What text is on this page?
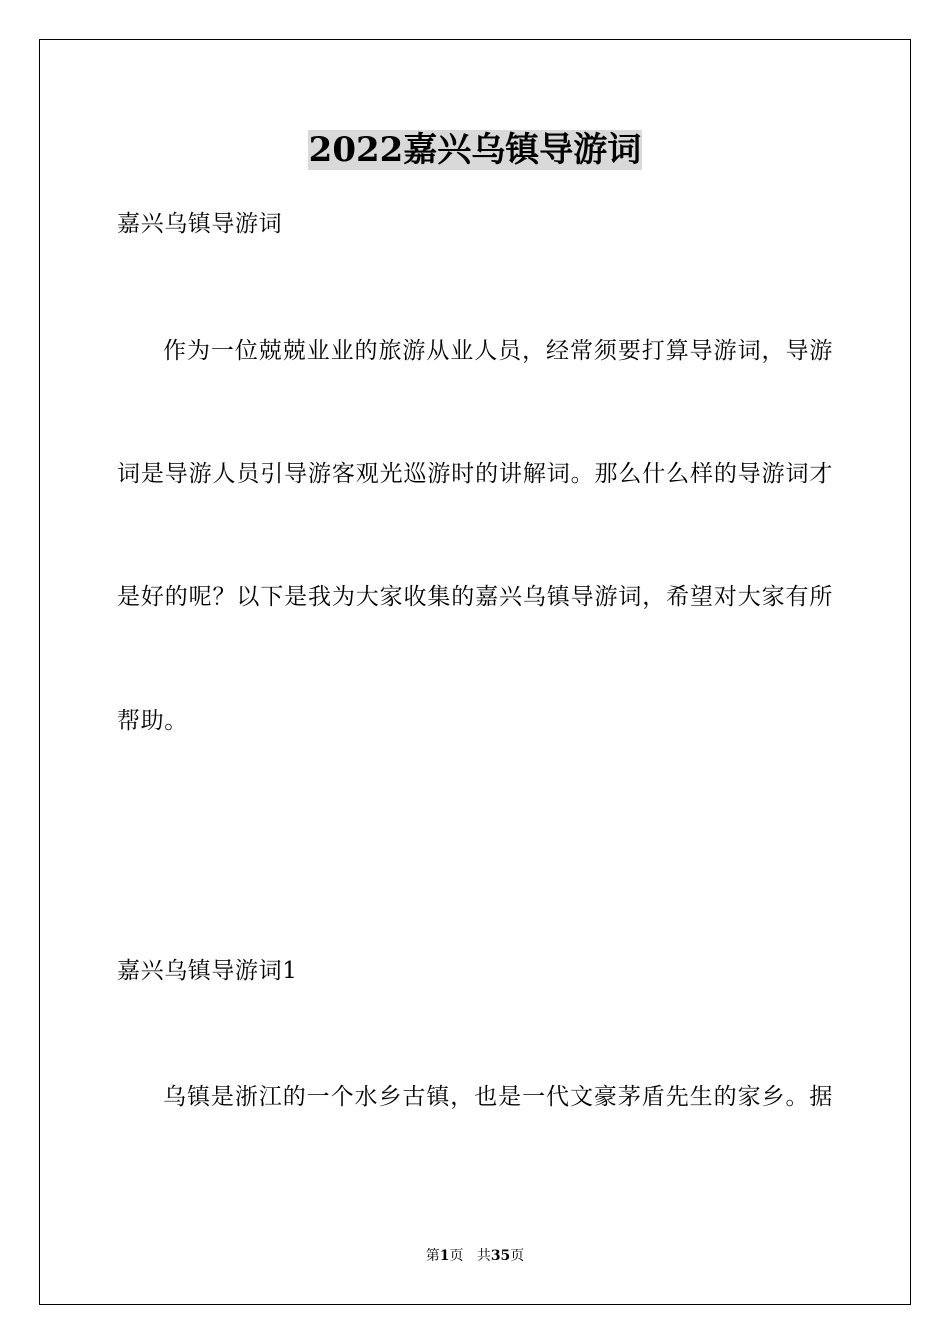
2022嘉兴乌镇导游词
嘉兴乌镇导游词
作为一位兢兢业业的旅游从业人员，经常须要打算导游词，导游
词是导游人员引导游客观光巡游时的讲解词。那么什么样的导游词才
是好的呢？以下是我为大家收集的嘉兴乌镇导游词，希望对大家有所
帮助。
嘉兴乌镇导游词1
乌镇是浙江的一个水乡古镇，也是一代文豪茅盾先生的家乡。据
第1页 共35页
